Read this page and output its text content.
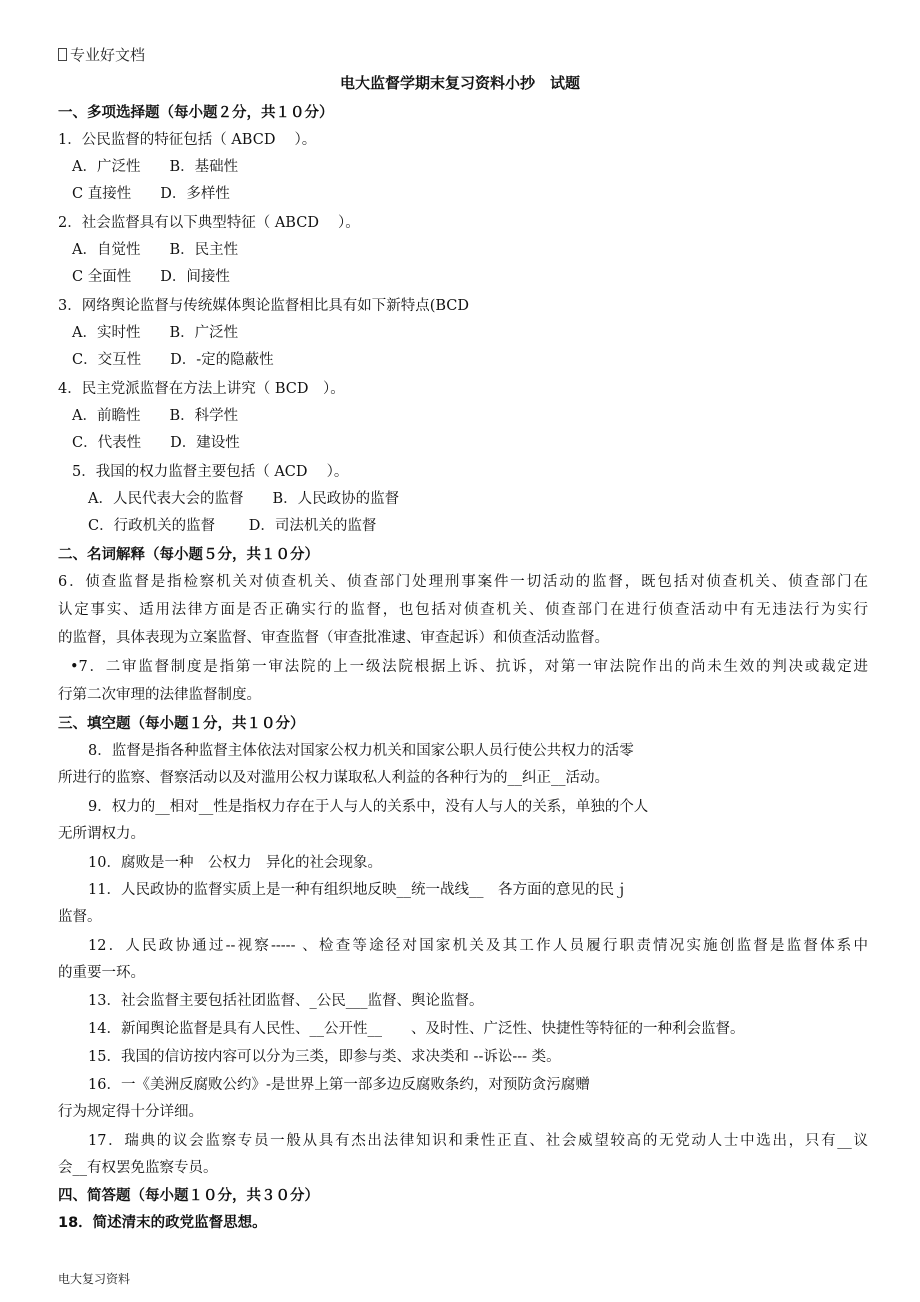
专业好文档
电大监督学期末复习资料小抄　试题
一、多项选择题（每小题２分，共１０分）
1．公民监督的特征包括（ ABCD　 ）。
A．广泛性　　B．基础性
C 直接性　　D．多样性
2．社会监督具有以下典型特征（ ABCD　 ）。
A．自觉性　　B．民主性
C 全面性　　D．间接性
3．网络舆论监督与传统媒体舆论监督相比具有如下新特点(BCD
A．实时性　　B．广泛性
C．交互性　　D．-定的隐蔽性
4．民主党派监督在方法上讲究（ BCD　）。
A．前瞻性　　B．科学性
C．代表性　　D．建设性
5．我国的权力监督主要包括（ ACD　 ）。
A．人民代表大会的监督　　B．人民政协的监督
C．行政机关的监督　　 D．司法机关的监督
二、名词解释（每小题５分，共１０分）
6．侦查监督是指检察机关对侦查机关、侦查部门处理刑事案件一切活动的监督，既包括对侦查机关、侦查部门在
认定事实、适用法律方面是否正确实行的监督，也包括对侦查机关、侦查部门在进行侦查活动中有无违法行为实行
的监督，具体表现为立案监督、审查监督（审查批准逮、审查起诉）和侦查活动监督。
•7．二审监督制度是指第一审法院的上一级法院根据上诉、抗诉，对第一审法院作出的尚未生效的判决或裁定进
行第二次审理的法律监督制度。
三、填空题（每小题１分，共１０分）
8．监督是指各种监督主体依法对国家公权力机关和国家公职人员行使公共权力的活零
所进行的监察、督察活动以及对滥用公权力谋取私人利益的各种行为的__纠正__活动。
9．权力的__相对__性是指权力存在于人与人的关系中，没有人与人的关系，单独的个人
无所谓权力。
10．腐败是一种　公权力　异化的社会现象。
11．人民政协的监督实质上是一种有组织地反映__统一战线__　各方面的意见的民ｊ
监督。
12．人民政协通过--视察----- 、检查等途径对国家机关及其工作人员履行职责情况实施创监督是监督体系中
的重要一环。
13．社会监督主要包括社团监督、_公民___监督、舆论监督。
14．新闻舆论监督是具有人民性、__公开性__　　、及时性、广泛性、快捷性等特征的一种利会监督。
15．我国的信访按内容可以分为三类，即参与类、求决类和 --诉讼--- 类。
16．一《美洲反腐败公约》-是世界上第一部多边反腐败条约，对预防贪污腐赠
行为规定得十分详细。
17．瑞典的议会监察专员一般从具有杰出法律知识和秉性正直、社会威望较高的无党动人士中选出，只有__议
会__有权罢免监察专员。
四、简答题（每小题１０分，共３０分）
18．简述清末的政党监督思想。
电大复习资料
